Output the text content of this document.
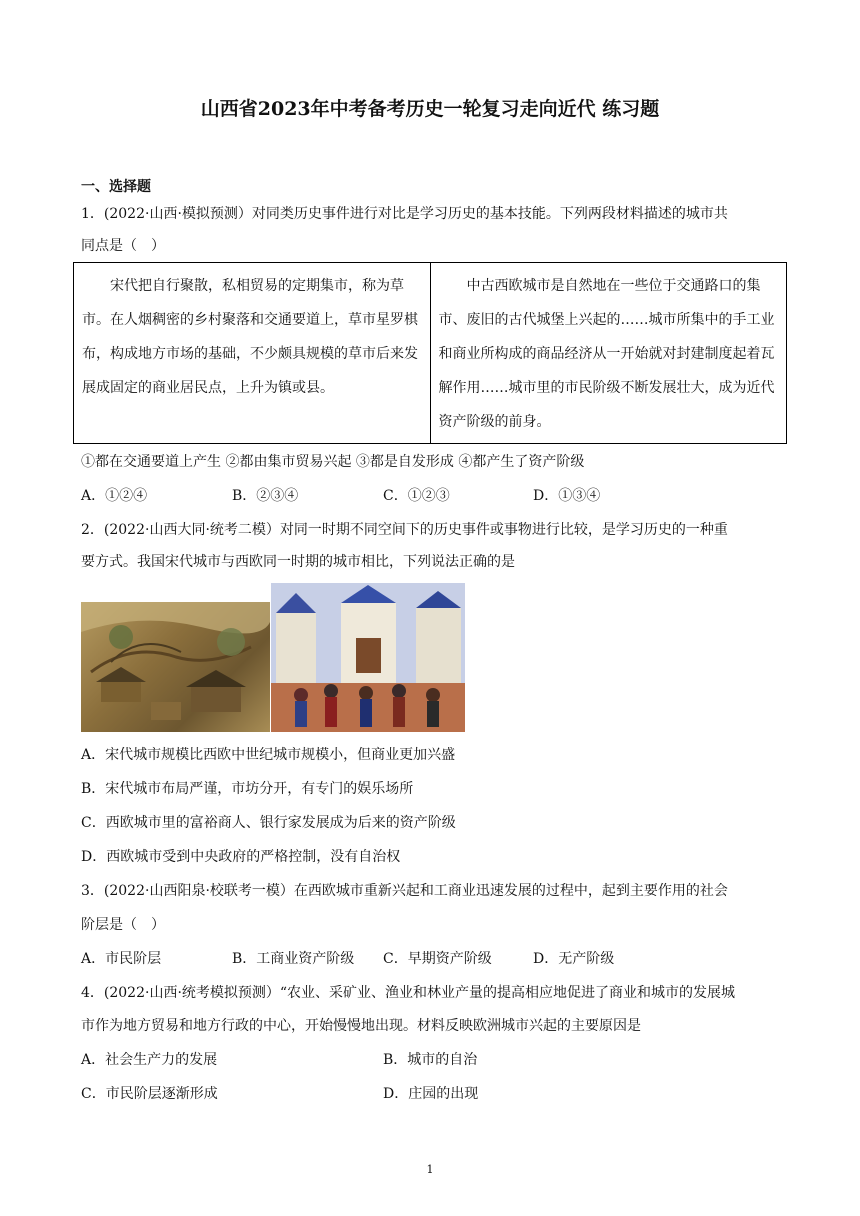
山西省2023年中考备考历史一轮复习走向近代 练习题
一、选择题
1．(2022·山西·模拟预测）对同类历史事件进行对比是学习历史的基本技能。下列两段材料描述的城市共
同点是（　）
宋代把自行聚散，私相贸易的定期集市，称为草市。在人烟稠密的乡村聚落和交通要道上，草市星罗棋布，构成地方市场的基础，不少颇具规模的草市后来发展成固定的商业居民点，上升为镇或县。	中古西欧城市是自然地在一些位于交通路口的集市、废旧的古代城堡上兴起的……城市所集中的手工业和商业所构成的商品经济从一开始就对封建制度起着瓦解作用……城市里的市民阶级不断发展壮大，成为近代资产阶级的前身。
①都在交通要道上产生 ②都由集市贸易兴起 ③都是自发形成 ④都产生了资产阶级
A．①②④	B．②③④	C．①②③	D．①③④
2．(2022·山西大同·统考二模）对同一时期不同空间下的历史事件或事物进行比较，是学习历史的一种重
要方式。我国宋代城市与西欧同一时期的城市相比，下列说法正确的是
A．宋代城市规模比西欧中世纪城市规模小，但商业更加兴盛
B．宋代城市布局严谨，市坊分开，有专门的娱乐场所
C．西欧城市里的富裕商人、银行家发展成为后来的资产阶级
D．西欧城市受到中央政府的严格控制，没有自治权
3．(2022·山西阳泉·校联考一模）在西欧城市重新兴起和工商业迅速发展的过程中，起到主要作用的社会
阶层是（　）
A．市民阶层	B．工商业资产阶级 C．早期资产阶级	D．无产阶级
4．(2022·山西·统考模拟预测）“农业、采矿业、渔业和林业产量的提高相应地促进了商业和城市的发展城
市作为地方贸易和地方行政的中心，开始慢慢地出现。材料反映欧洲城市兴起的主要原因是
A．社会生产力的发展	B．城市的自治
C．市民阶层逐渐形成	D．庄园的出现
1
